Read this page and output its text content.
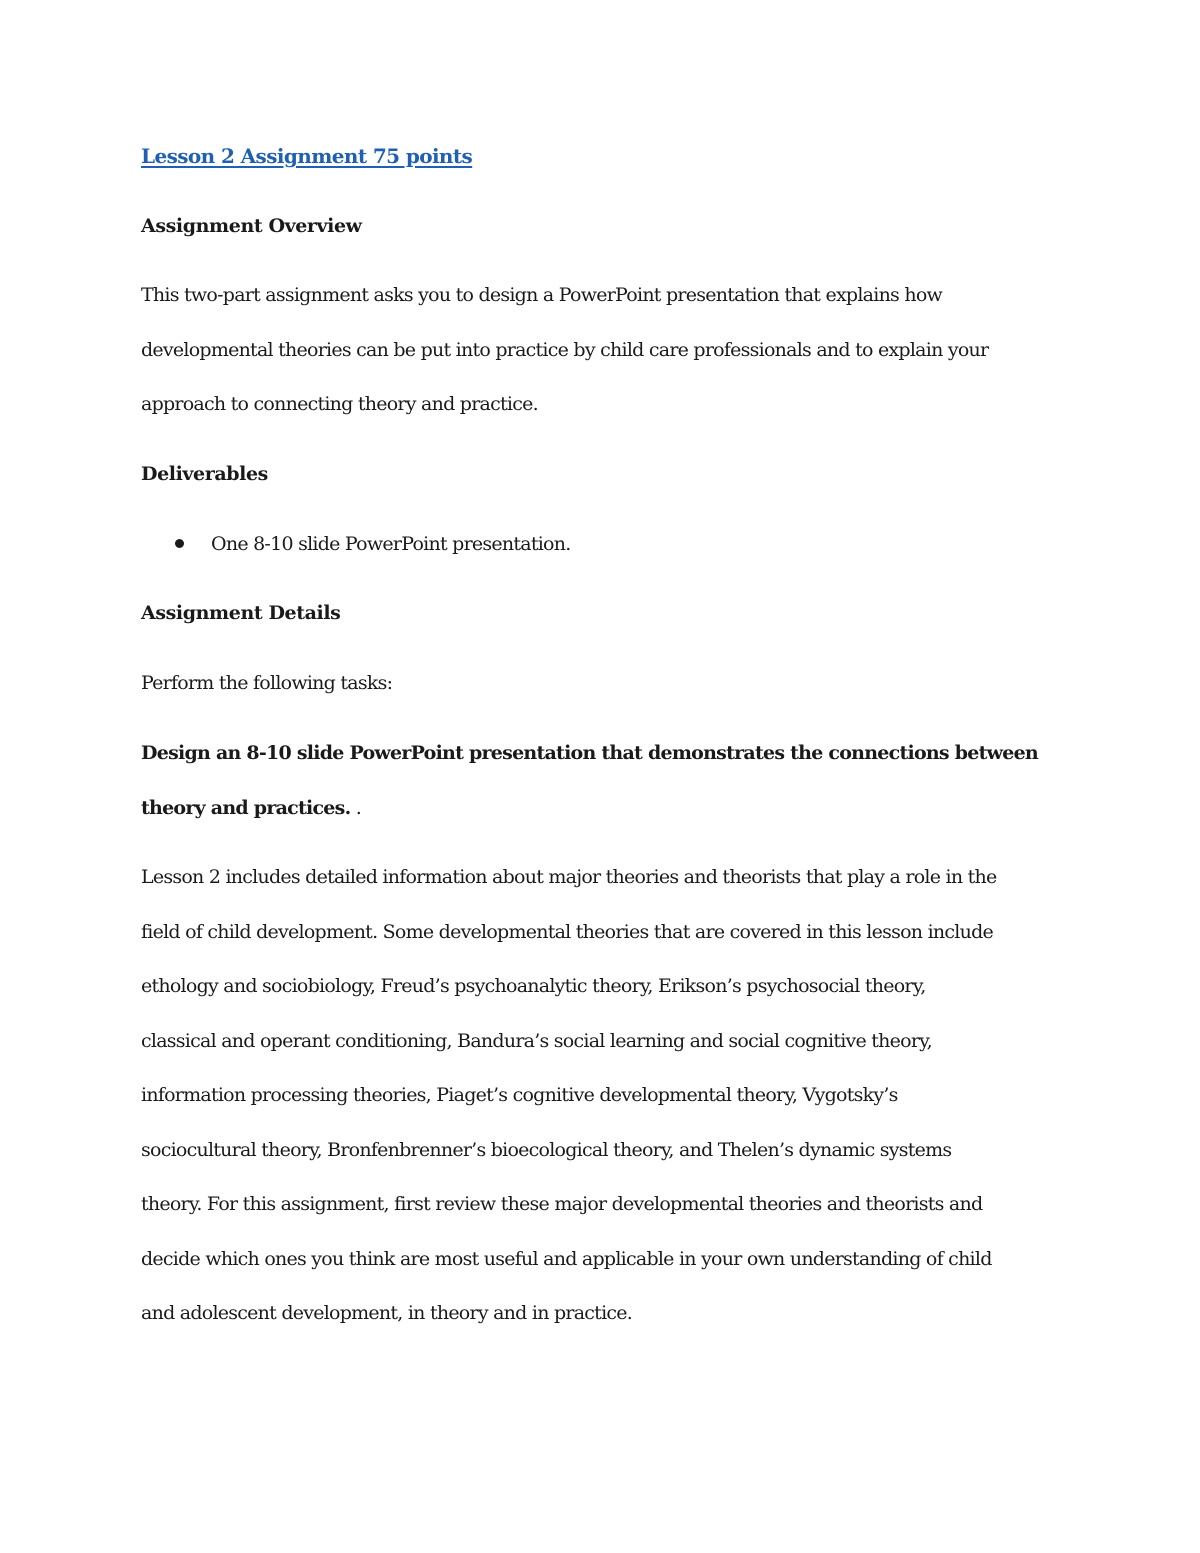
Lesson 2 Assignment 75 points
Assignment Overview
This two-part assignment asks you to design a PowerPoint presentation that explains how
developmental theories can be put into practice by child care professionals and to explain your
approach to connecting theory and practice.
Deliverables
One 8-10 slide PowerPoint presentation.
Assignment Details
Perform the following tasks:
Design an 8-10 slide PowerPoint presentation that demonstrates the connections between
theory and practices. .
Lesson 2 includes detailed information about major theories and theorists that play a role in the
field of child development. Some developmental theories that are covered in this lesson include
ethology and sociobiology, Freud’s psychoanalytic theory, Erikson’s psychosocial theory,
classical and operant conditioning, Bandura’s social learning and social cognitive theory,
information processing theories, Piaget’s cognitive developmental theory, Vygotsky’s
sociocultural theory, Bronfenbrenner’s bioecological theory, and Thelen’s dynamic systems
theory. For this assignment, first review these major developmental theories and theorists and
decide which ones you think are most useful and applicable in your own understanding of child
and adolescent development, in theory and in practice.
